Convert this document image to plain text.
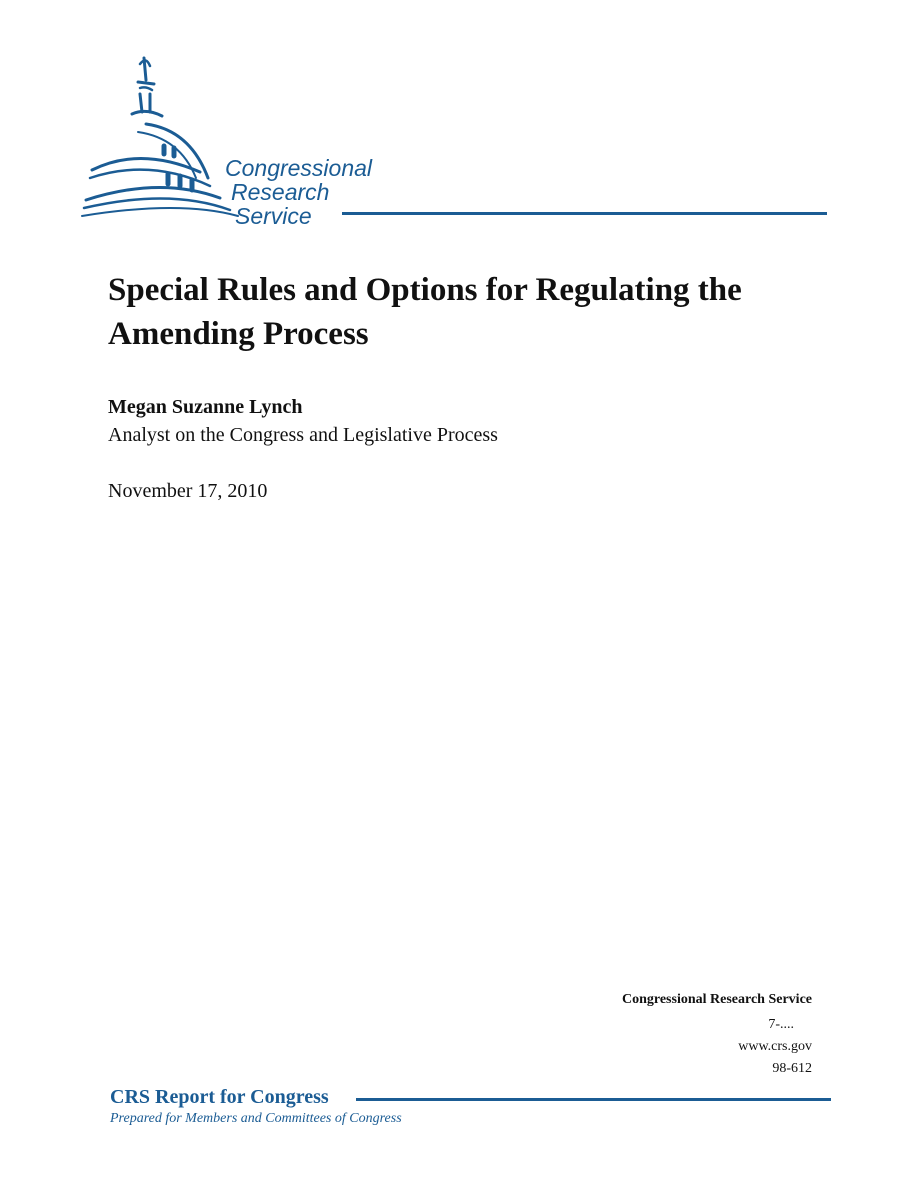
Congressional
Research
Service
Special Rules and Options for Regulating the Amending Process
Megan Suzanne Lynch
Analyst on the Congress and Legislative Process
November 17, 2010
Congressional Research Service
7-....
www.crs.gov
98-612
CRS Report for Congress
Prepared for Members and Committees of Congress
